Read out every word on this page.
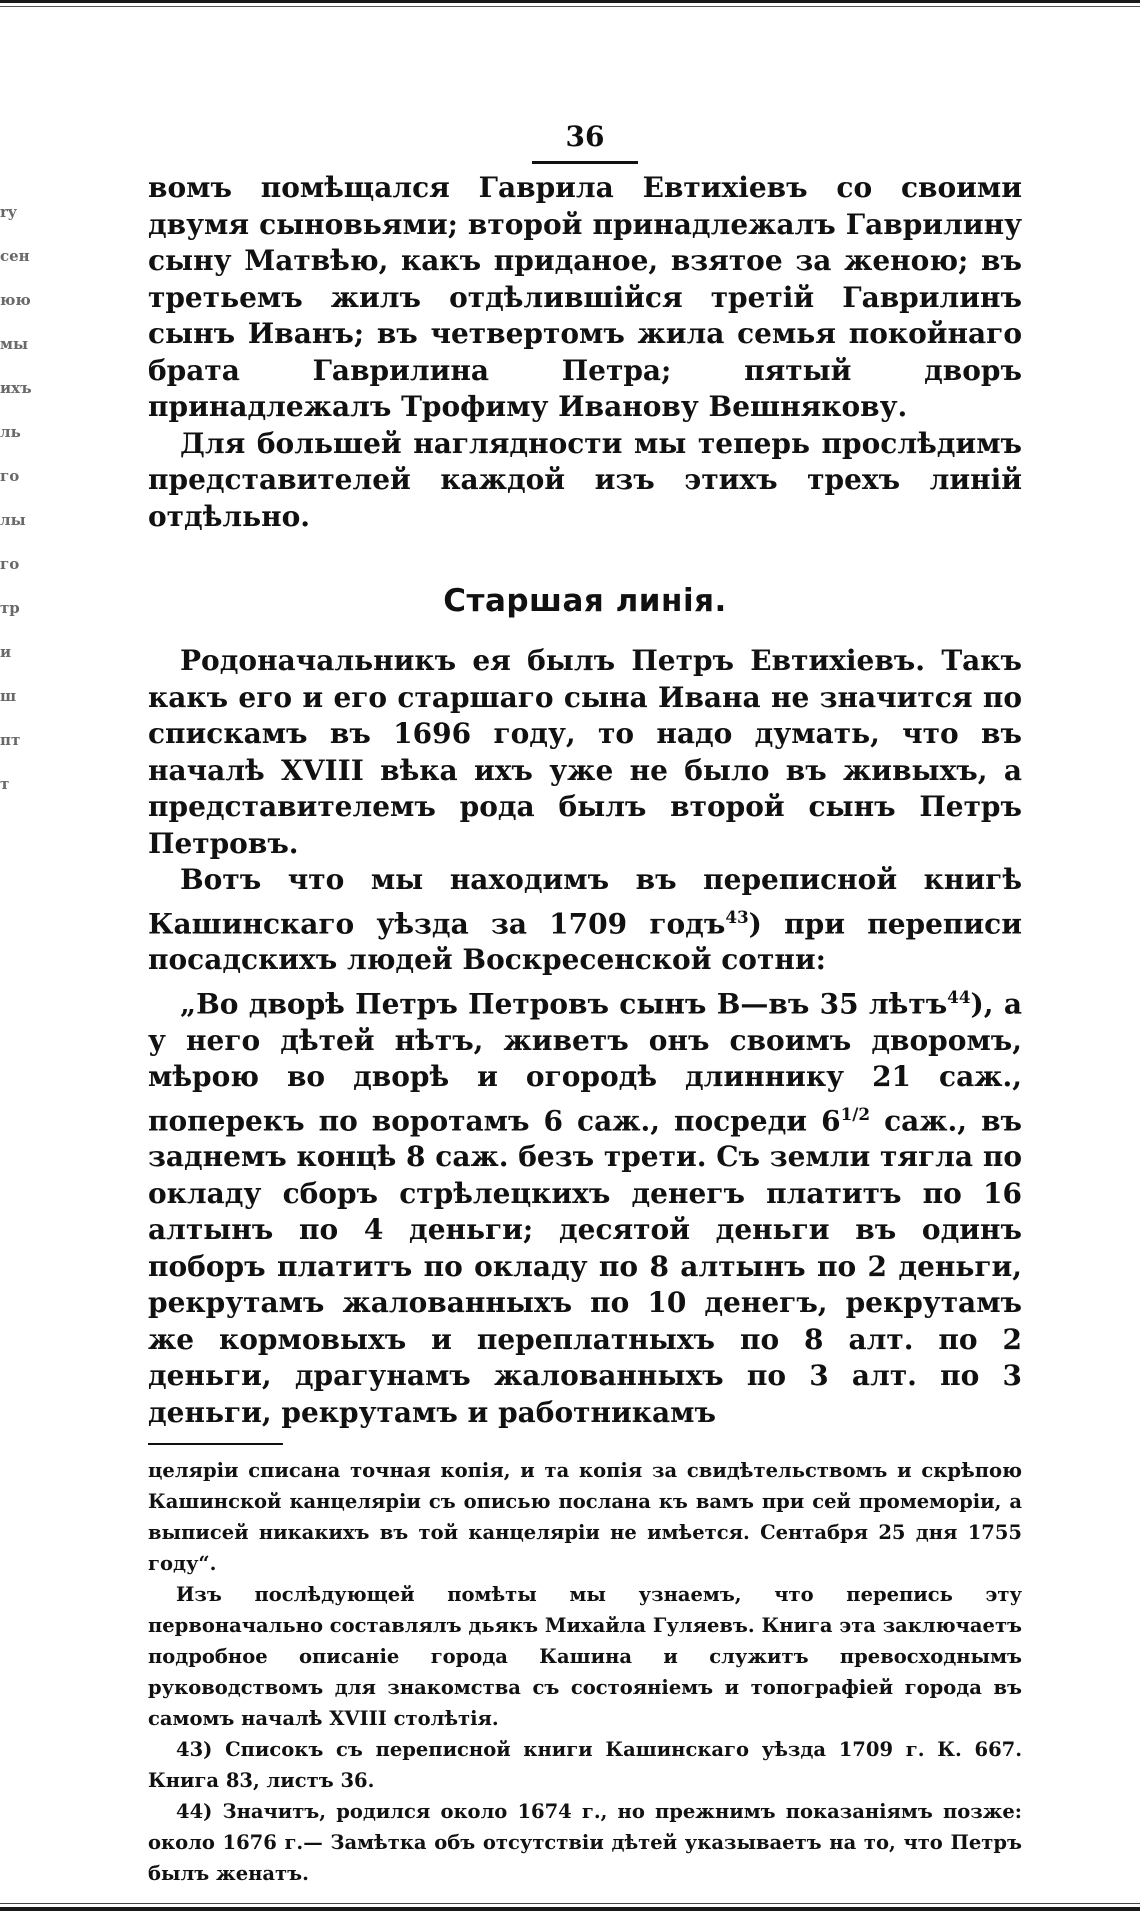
ry
сен
юю
мы
ихъ
ль
го
лы
го
тр
и
ш
пт
т
36

вомъ помѣщался Гаврила Евтихіевъ со своими двумя сыновьями; второй принадлежалъ Гаврилину сыну Матвѣю, какъ приданое, взятое за женою; въ третьемъ жилъ отдѣлившійся третій Гаврилинъ сынъ Иванъ; въ четвертомъ жила семья покойнаго брата Гаврилина Петра; пятый дворъ принадлежалъ Трофиму Иванову Вешнякову.

Для большей наглядности мы теперь прослѣдимъ представителей каждой изъ этихъ трехъ линій отдѣльно.

Старшая линія.

Родоначальникъ ея былъ Петръ Евтихіевъ. Такъ какъ его и его старшаго сына Ивана не значится по спискамъ въ 1696 году, то надо думать, что въ началѣ XVIII вѣка ихъ уже не было въ живыхъ, а представителемъ рода былъ второй сынъ Петръ Петровъ.

Вотъ что мы находимъ въ переписной книгѣ Кашинскаго уѣзда за 1709 годъ$^{43}$) при переписи посадскихъ людей Воскресенской сотни:

„Во дворѣ Петръ Петровъ сынъ В—въ 35 лѣтъ$^{44}$), а у него дѣтей нѣтъ, живетъ онъ своимъ дворомъ, мѣрою во дворѣ и огородѣ длиннику 21 саж., поперекъ по воротамъ 6 саж., посреди $6^{1/2}$ саж., въ заднемъ концѣ 8 саж. безъ трети. Съ земли тягла по окладу сборъ стрѣлецкихъ денегъ платитъ по 16 алтынъ по 4 деньги; десятой деньги въ одинъ поборъ платитъ по окладу по 8 алтынъ по 2 деньги, рекрутамъ жалованныхъ по 10 денегъ, рекрутамъ же кормовыхъ и переплатныхъ по 8 алт. по 2 деньги, драгунамъ жалованныхъ по 3 алт. по 3 деньги, рекрутамъ и работникамъ

целяріи списана точная копія, и та копія за свидѣтельствомъ и скрѣпою Кашинской канцеляріи съ описью послана къ вамъ при сей промеморіи, а выписей никакихъ въ той канцеляріи не имѣется. Сентабря 25 дня 1755 году“.

Изъ послѣдующей помѣты мы узнаемъ, что перепись эту первоначально составлялъ дьякъ Михайла Гуляевъ. Книга эта заключаетъ подробное описаніе города Кашина и служитъ превосходнымъ руководствомъ для знакомства съ состояніемъ и топографіей города въ самомъ началѣ XVIII столѣтія.

43) Списокъ съ переписной книги Кашинскаго уѣзда 1709 г. К. 667. Книга 83, листъ 36.

44) Значитъ, родился около 1674 г., но прежнимъ показаніямъ позже: около 1676 г.— Замѣтка объ отсутствіи дѣтей указываетъ на то, что Петръ былъ женатъ.
